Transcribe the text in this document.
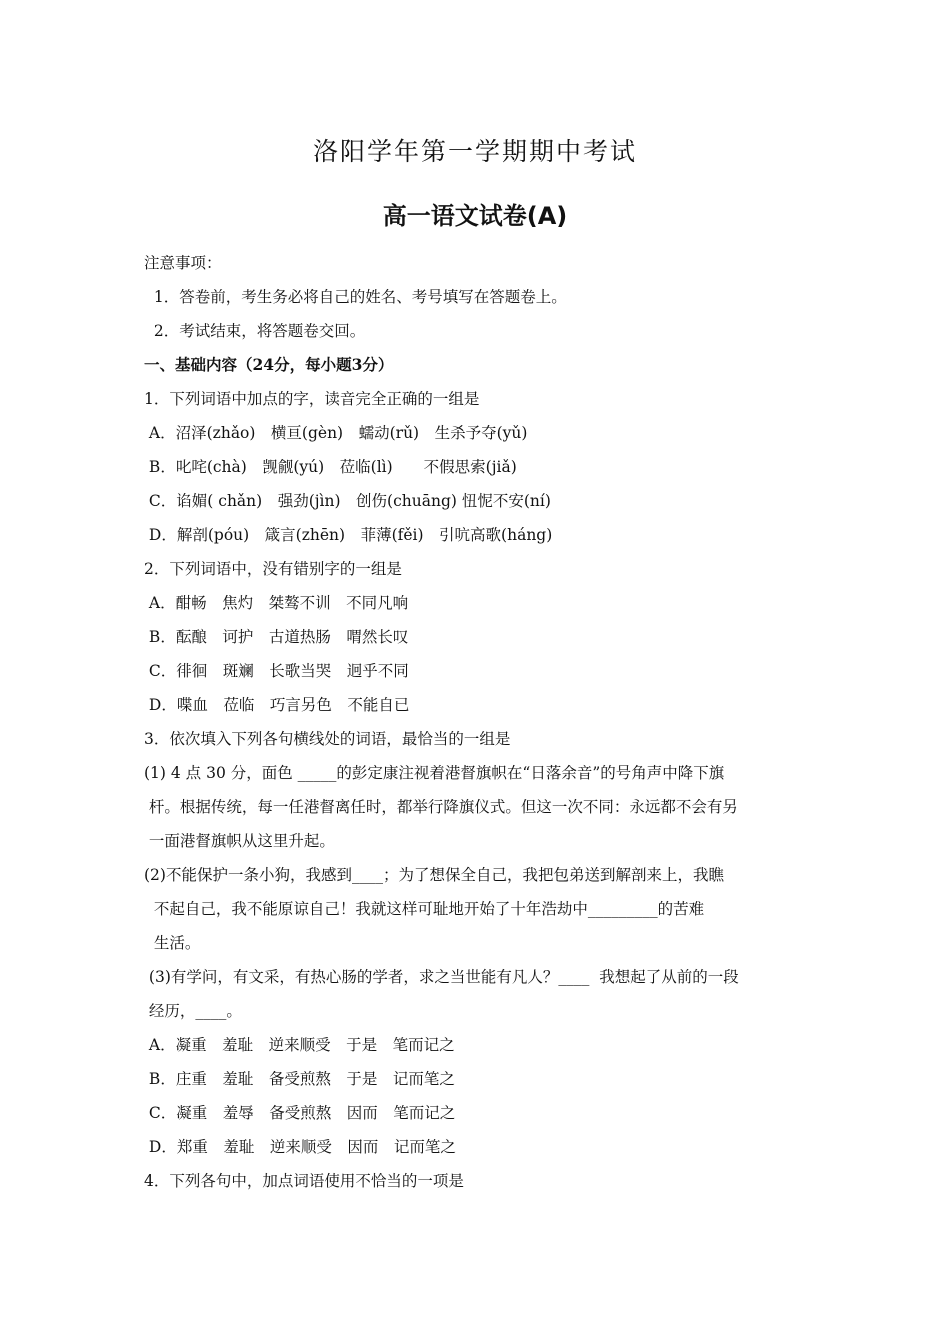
洛阳学年第一学期期中考试
高一语文试卷(A)
注意事项：
1．答卷前，考生务必将自己的姓名、考号填写在答题卷上。
2．考试结束，将答题卷交回。
一、基础内容（24分，每小题3分）
1．下列词语中加点的字，读音完全正确的一组是
A．沼泽(zhǎo)　横亘(gèn)　蠕动(rǔ)　生杀予夺(yǔ)
B．叱咤(chà)　觊觎(yú)　莅临(lì)　　不假思索(jiǎ)
C．谄媚( chǎn)　强劲(jìn)　创伤(chuāng) 忸怩不安(ní)
D．解剖(póu)　箴言(zhēn)　菲薄(fěi)　引吭高歌(háng)
2．下列词语中，没有错别字的一组是
A．酣畅　焦灼　桀骜不训　不同凡响
B．酝酿　诃护　古道热肠　喟然长叹
C．徘徊　斑斓　长歌当哭　迥乎不同
D．喋血　莅临　巧言另色　不能自已
3．依次填入下列各句横线处的词语，最恰当的一组是
(1) 4 点 30 分，面色 _____的彭定康注视着港督旗帜在“日落余音”的号角声中降下旗
杆。根据传统，每一任港督离任时，都举行降旗仪式。但这一次不同：永远都不会有另
一面港督旗帜从这里升起。
(2)不能保护一条小狗，我感到____；为了想保全自己，我把包弟送到解剖来上，我瞧
不起自己，我不能原谅自己！我就这样可耻地开始了十年浩劫中_________的苦难
生活。
(3)有学问，有文采，有热心肠的学者，求之当世能有凡人？____  我想起了从前的一段
经历，____。
A．凝重　羞耻　逆来顺受　于是　笔而记之
B．庄重　羞耻　备受煎熬　于是　记而笔之
C．凝重　羞辱　备受煎熬　因而　笔而记之
D．郑重　羞耻　逆来顺受　因而　记而笔之
4．下列各句中，加点词语使用不恰当的一项是
